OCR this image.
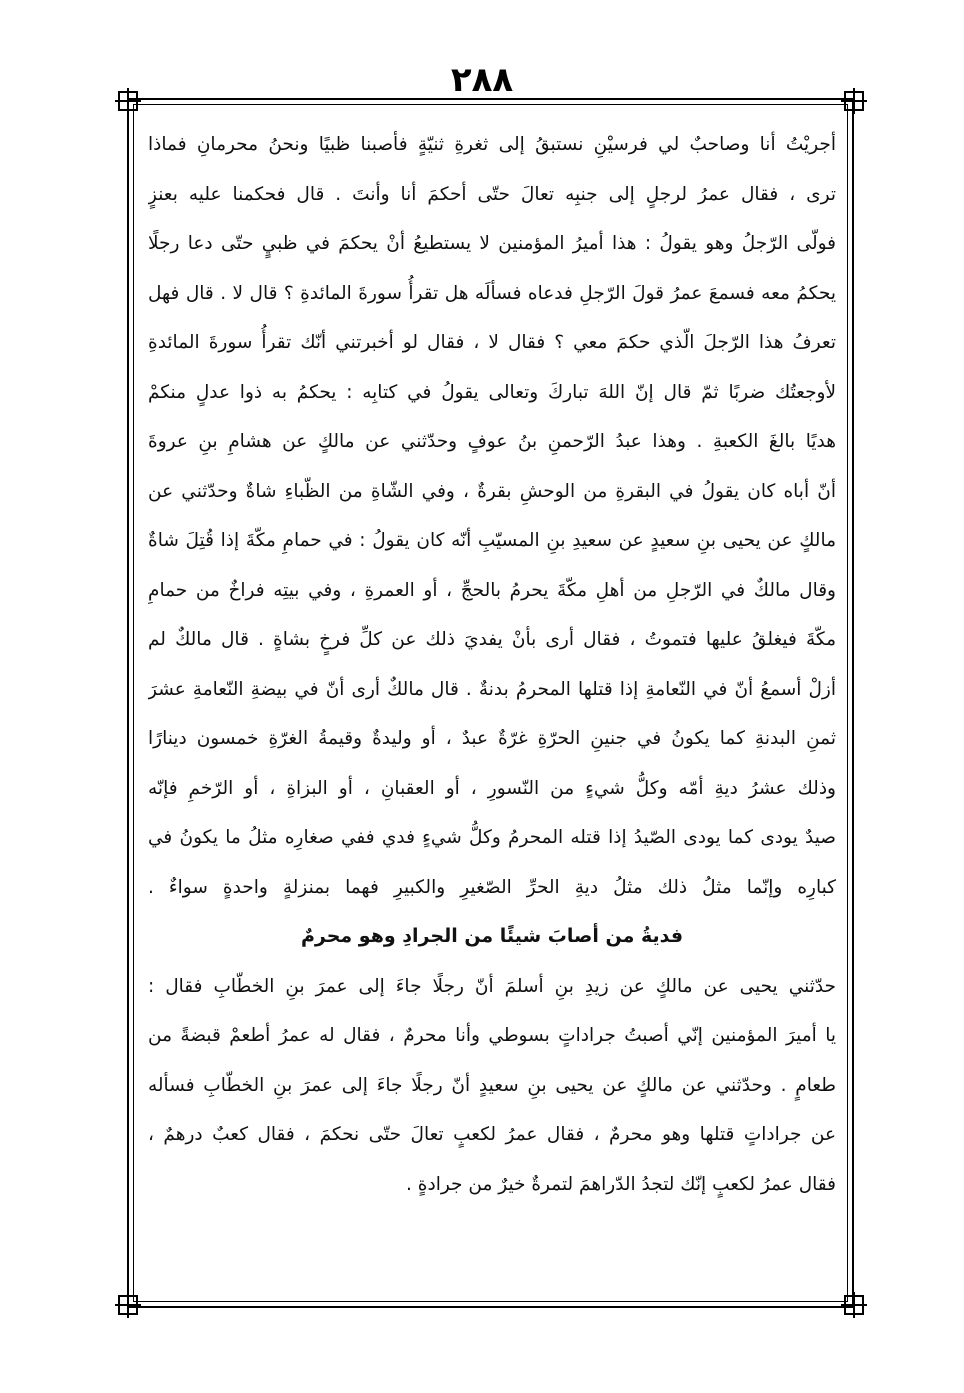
٢٨٨
أجريْتُ أنا وصاحبٌ لي فرسيْنِ نستبقُ إلى ثغرةِ ثنيّةٍ فأصبنا ظبيًا ونحنُ محرمانِ فماذا
ترى ، فقال عمرُ لرجلٍ إلى جنبِه تعالَ حتّى أحكمَ أنا وأنتَ . قال فحكمنا عليه بعنزٍ
فولّى الرّجلُ وهو يقولُ : هذا أميرُ المؤمنين لا يستطيعُ أنْ يحكمَ في ظبيٍ حتّى دعا رجلًا
يحكمُ معه فسمعَ عمرُ قولَ الرّجلِ فدعاه فسألَه هل تقرأُ سورةَ المائدةِ ؟ قال لا . قال فهل
تعرفُ هذا الرّجلَ الّذي حكمَ معي ؟ فقال لا ، فقال لو أخبرتني أنّك تقرأُ سورةَ المائدةِ
لأوجعتُك ضربًا ثمّ قال إنّ اللهَ تباركَ وتعالى يقولُ في كتابِه : يحكمُ به ذوا عدلٍ منكمْ
هديًا بالغَ الكعبةِ . وهذا عبدُ الرّحمنِ بنُ عوفٍ وحدّثني عن مالكٍ عن هشامِ بنِ عروةَ
أنّ أباه كان يقولُ في البقرةِ من الوحشِ بقرةٌ ، وفي الشّاةِ من الظّباءِ شاةٌ وحدّثني عن
مالكٍ عن يحيى بنِ سعيدٍ عن سعيدِ بنِ المسيّبِ أنّه كان يقولُ : في حمامِ مكّةَ إذا قُتِلَ شاةٌ
وقال مالكٌ في الرّجلِ من أهلِ مكّةَ يحرمُ بالحجِّ ، أو العمرةِ ، وفي بيتِه فراخٌ من حمامِ
مكّةَ فيغلقُ عليها فتموتُ ، فقال أرى بأنْ يفديَ ذلك عن كلِّ فرخٍ بشاةٍ . قال مالكٌ لم
أزلْ أسمعُ أنّ في النّعامةِ إذا قتلها المحرمُ بدنةٌ . قال مالكٌ أرى أنّ في بيضةِ النّعامةِ عشرَ
ثمنِ البدنةِ كما يكونُ في جنينِ الحرّةِ غرّةٌ عبدٌ ، أو وليدةٌ وقيمةُ الغرّةِ خمسون دينارًا
وذلك عشرُ ديةِ أمّه وكلُّ شيءٍ من النّسورِ ، أو العقبانِ ، أو البزاةِ ، أو الرّخمِ فإنّه
صيدٌ يودى كما يودى الصّيدُ إذا قتله المحرمُ وكلُّ شيءٍ فدي ففي صغارِه مثلُ ما يكونُ في
كبارِه وإنّما مثلُ ذلك مثلُ ديةِ الحرِّ الصّغيرِ والكبيرِ فهما بمنزلةٍ واحدةٍ سواءٌ .
فديةُ من أصابَ شيئًا من الجرادِ وهو محرمٌ
حدّثني يحيى عن مالكٍ عن زيدِ بنِ أسلمَ أنّ رجلًا جاءَ إلى عمرَ بنِ الخطّابِ فقال :
يا أميرَ المؤمنين إنّي أصبتُ جراداتٍ بسوطي وأنا محرمٌ ، فقال له عمرُ أطعمْ قبضةً من
طعامٍ . وحدّثني عن مالكٍ عن يحيى بنِ سعيدٍ أنّ رجلًا جاءَ إلى عمرَ بنِ الخطّابِ فسأله
عن جراداتٍ قتلها وهو محرمٌ ، فقال عمرُ لكعبٍ تعالَ حتّى نحكمَ ، فقال كعبٌ درهمٌ ،
فقال عمرُ لكعبٍ إنّك لتجدُ الدّراهمَ لتمرةٌ خيرٌ من جرادةٍ .
